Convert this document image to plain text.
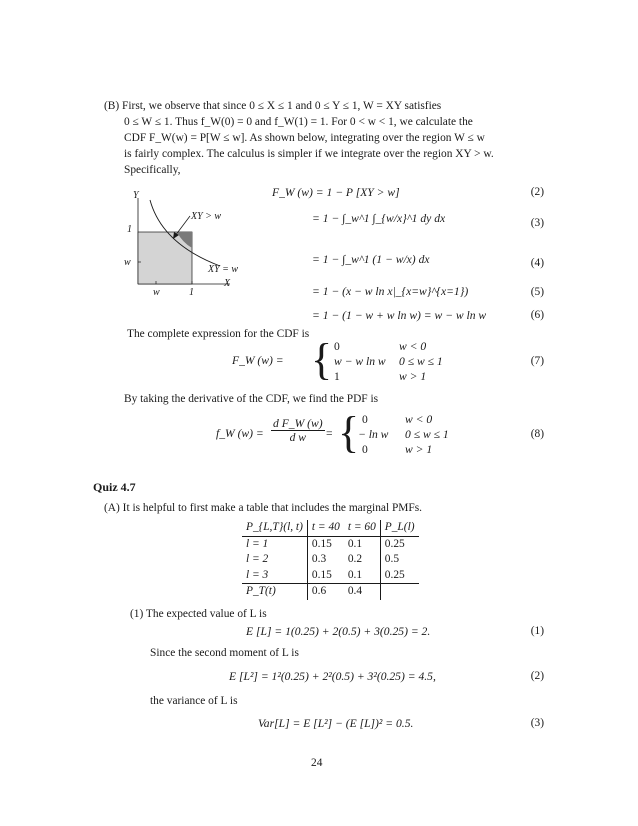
(B) First, we observe that since 0 ≤ X ≤ 1 and 0 ≤ Y ≤ 1, W = XY satisfies
0 ≤ W ≤ 1. Thus f_W(0) = 0 and f_W(1) = 1. For 0 < w < 1, we calculate the
CDF F_W(w) = P[W ≤ w]. As shown below, integrating over the region W ≤ w
is fairly complex. The calculus is simpler if we integrate over the region XY > w.
Specifically,
Y
1
w
w	1
X
XY > w
XY = w
F_W (w) = 1 − P [XY > w]	(2)
= 1 − ∫_w^1 ∫_{w/x}^1 dy dx	(3)
= 1 − ∫_w^1 (1 − w/x) dx	(4)
= 1 − (x − w ln x|_{x=w}^{x=1})	(5)
= 1 − (1 − w + w ln w) = w − w ln w	(6)
The complete expression for the CDF is
F_W (w) = { 0	w < 0
w − w ln w 0 ≤ w ≤ 1
1	w > 1
(7)
By taking the derivative of the CDF, we find the PDF is
f_W $(w) = \frac{\text{d F\_W (w)}}{\text{d w}}$ = { 0	w < 0
− ln w 0 ≤ w ≤ 1
0	w > 1
(8)
Quiz 4.7
(A) It is helpful to first make a table that includes the marginal PMFs.
P_{L,T}(l, t)	t = 40	t = 60	P_L(l)
l = 1	0.15	0.1	0.25
l = 2	0.3	0.2	0.5
l = 3	0.15	0.1	0.25
P_T(t)	0.6	0.4	
(1) The expected value of L is
E [L] = 1(0.25) + 2(0.5) + 3(0.25) = 2.	(1)
Since the second moment of L is
E [L²] = 1²(0.25) + 2²(0.5) + 3²(0.25) = 4.5,	(2)
the variance of L is
Var[L] = E [L²] − (E [L])² = 0.5.	(3)
24
